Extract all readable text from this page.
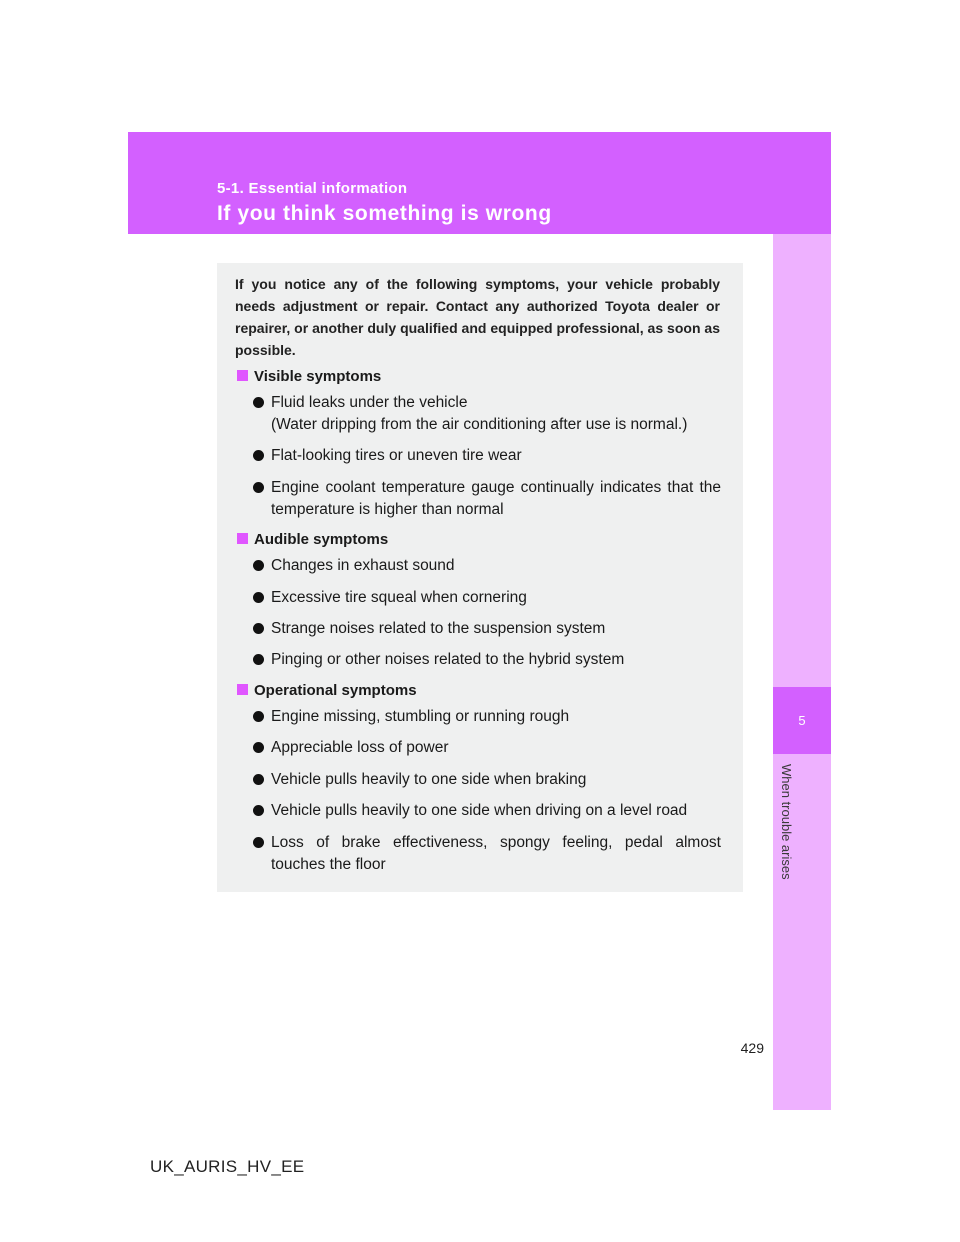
5-1. Essential information
If you think something is wrong
5
When trouble arises
If you notice any of the following symptoms, your vehicle probably needs adjustment or repair. Contact any authorized Toyota dealer or repairer, or another duly qualified and equipped professional, as soon as possible.
Visible symptoms
Fluid leaks under the vehicle
(Water dripping from the air conditioning after use is normal.)
Flat-looking tires or uneven tire wear
Engine coolant temperature gauge continually indicates that the temperature is higher than normal
Audible symptoms
Changes in exhaust sound
Excessive tire squeal when cornering
Strange noises related to the suspension system
Pinging or other noises related to the hybrid system
Operational symptoms
Engine missing, stumbling or running rough
Appreciable loss of power
Vehicle pulls heavily to one side when braking
Vehicle pulls heavily to one side when driving on a level road
Loss of brake effectiveness, spongy feeling, pedal almost touches the floor
429
UK_AURIS_HV_EE
